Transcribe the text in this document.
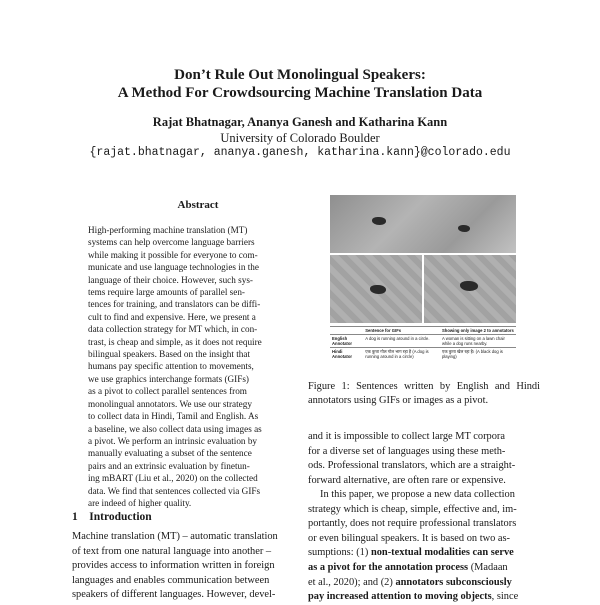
Don’t Rule Out Monolingual Speakers:
A Method For Crowdsourcing Machine Translation Data
Rajat Bhatnagar, Ananya Ganesh and Katharina Kann
University of Colorado Boulder
{rajat.bhatnagar, ananya.ganesh, katharina.kann}@colorado.edu
Abstract

High-performing machine translation (MT)

systems can help overcome language barriers

while making it possible for everyone to com-

municate and use language technologies in the

language of their choice. However, such sys-

tems require large amounts of parallel sen-

tences for training, and translators can be diffi-

cult to find and expensive. Here, we present a

data collection strategy for MT which, in con-

trast, is cheap and simple, as it does not require

bilingual speakers. Based on the insight that

humans pay specific attention to movements,

we use graphics interchange formats (GIFs)

as a pivot to collect parallel sentences from

monolingual annotators. We use our strategy

to collect data in Hindi, Tamil and English. As

a baseline, we also collect data using images as

a pivot. We perform an intrinsic evaluation by

manually evaluating a subset of the sentence

pairs and an extrinsic evaluation by finetun-

ing mBART (Liu et al., 2020) on the collected

data. We find that sentences collected via GIFs

are indeed of higher quality.

1 Introduction

Machine translation (MT) – automatic translation

of text from one natural language into another –

provides access to information written in foreign

languages and enables communication between

speakers of different languages. However, devel-

	Sentence for GIFs	Showing only image 2 to annotators
English Annotator	A dog is running around in a circle.	A woman is sitting on a lawn chair while a dog runs nearby.
Hindi Annotator	एक कुत्ता गोल गोल भाग रहा है (A dog is running around in a circle)	एक कुत्ता खेल रहा है। (A black dog is playing)
Figure 1: Sentences written by English and Hindi annotators using GIFs or images as a pivot.

and it is impossible to collect large MT corpora

for a diverse set of languages using these meth-

ods. Professional translators, which are a straight-

forward alternative, are often rare or expensive.

In this paper, we propose a new data collection

strategy which is cheap, simple, effective and, im-

portantly, does not require professional translators

or even bilingual speakers. It is based on two as-

sumptions: (1) non-textual modalities can serve

as a pivot for the annotation process (Madaan

et al., 2020); and (2) annotators subconsciously

pay increased attention to moving objects, since
